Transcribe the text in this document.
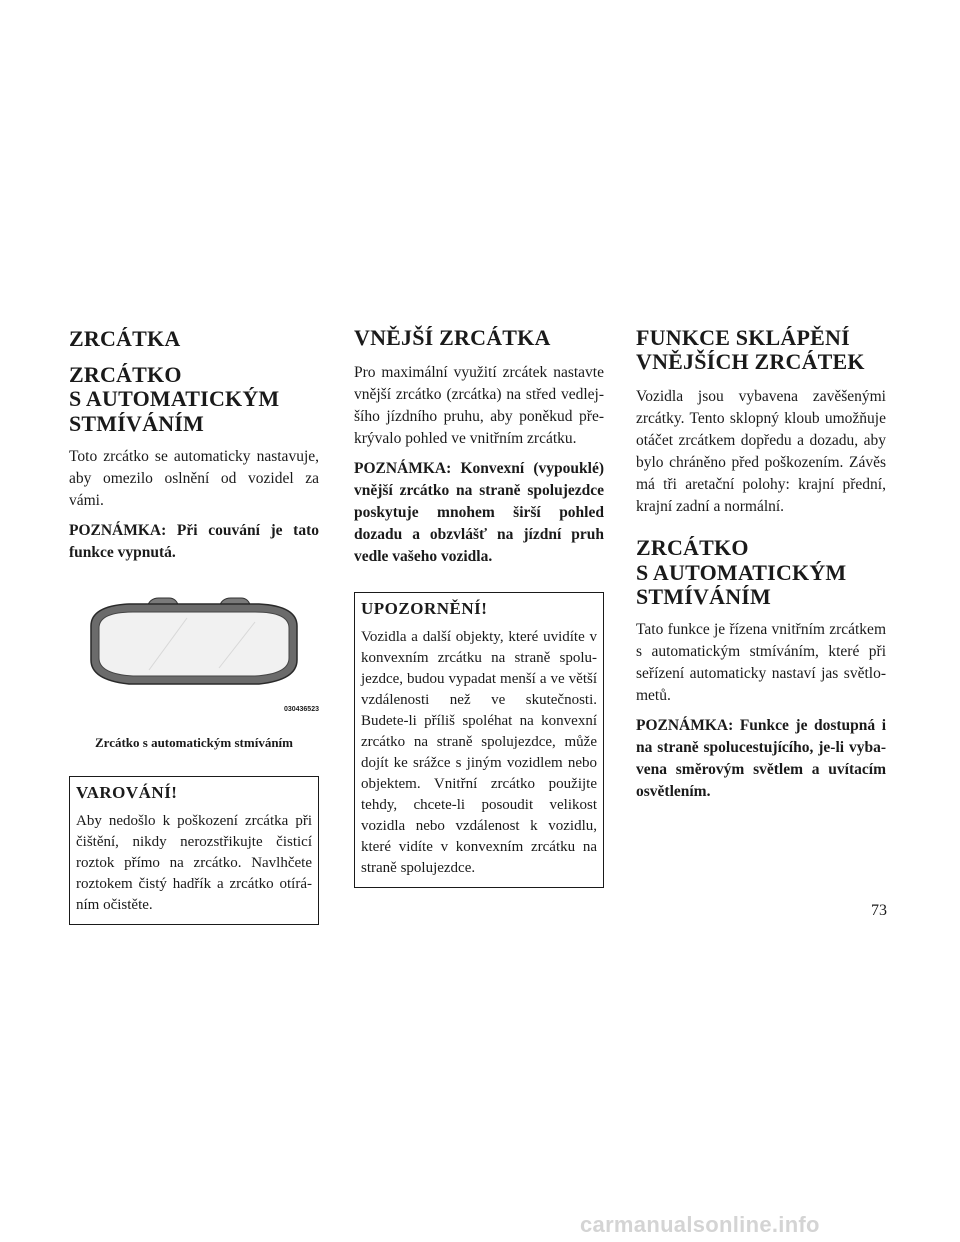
ZRCÁTKA
ZRCÁTKO
S AUTOMATICKÝM
STMÍVÁNÍM

Toto zrcátko se automaticky nastavuje, aby omezilo oslnění od vozidel za vámi.

POZNÁMKA: Při couvání je tato funkce vypnutá.

030436523

Zrcátko s automatickým stmíváním

VAROVÁNÍ!

Aby nedošlo k poškození zrcátka při čištění, nikdy nerozstřikujte čisticí roztok přímo na zrcátko. Navlhčete roztokem čistý hadřík a zrcátko otírá- ním očistěte.

VNĚJŠÍ ZRCÁTKA

Pro maximální využití zrcátek nastavte vnější zrcátko (zrcátka) na střed vedlej- šího jízdního pruhu, aby poněkud pře- krývalo pohled ve vnitřním zrcátku.

POZNÁMKA: Konvexní (vypouklé) vnější zrcátko na straně spolujezdce poskytuje mnohem širší pohled dozadu a obzvlášť na jízdní pruh vedle vašeho vozidla.

UPOZORNĚNÍ!

Vozidla a další objekty, které uvidíte v konvexním zrcátku na straně spolu- jezdce, budou vypadat menší a ve větší vzdálenosti než ve skutečnosti. Budete-li příliš spoléhat na konvexní zrcátko na straně spolujezdce, může dojít ke srážce s jiným vozidlem nebo objektem. Vnitřní zrcátko použijte tehdy, chcete-li posoudit velikost vozidla nebo vzdálenost k vozidlu, které vidíte v konvexním zrcátku na straně spolujezdce.

FUNKCE SKLÁPĚNÍ
VNĚJŠÍCH ZRCÁTEK

Vozidla jsou vybavena zavěšenými zrcátky. Tento sklopný kloub umožňuje otáčet zrcátkem dopředu a dozadu, aby bylo chráněno před poškozením. Závěs má tři aretační polohy: krajní přední, krajní zadní a normální.

ZRCÁTKO
S AUTOMATICKÝM
STMÍVÁNÍM

Tato funkce je řízena vnitřním zrcátkem s automatickým stmíváním, které při seřízení automaticky nastaví jas světlo- metů.

POZNÁMKA: Funkce je dostupná i na straně spolucestujícího, je-li vyba- vena směrovým světlem a uvítacím osvětlením.

73
carmanualsonline.info
